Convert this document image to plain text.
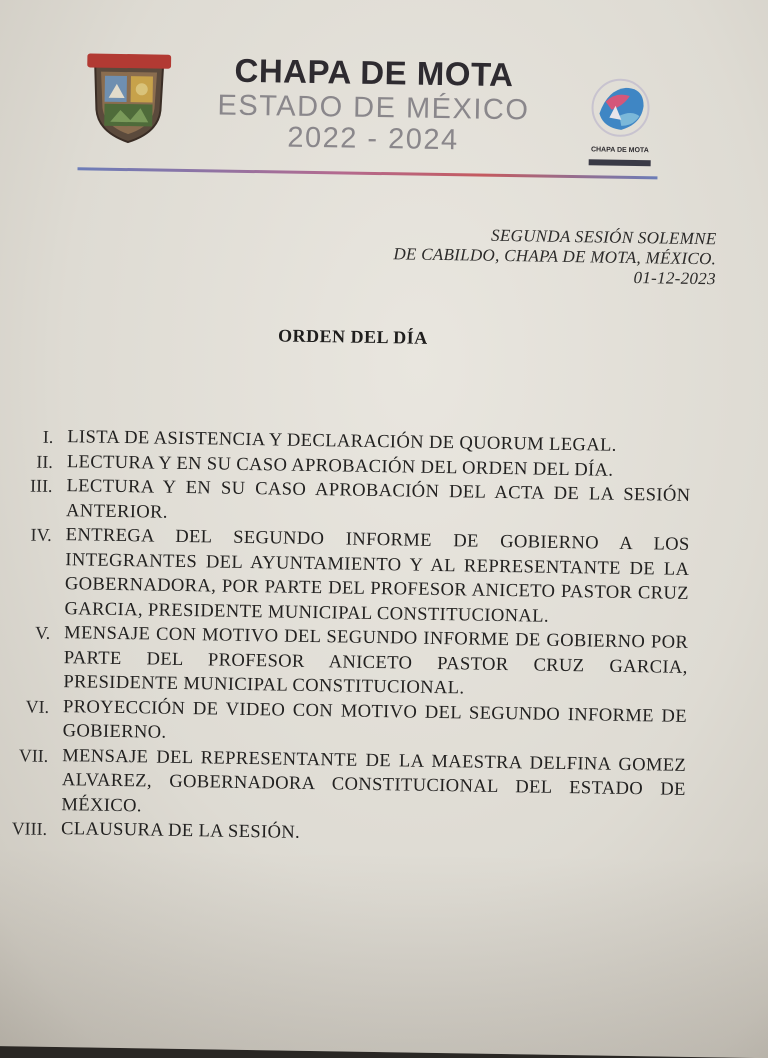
CHAPA DE MOTA
ESTADO DE MÉXICO
2022 - 2024	CHAPA DE MOTA
SEGUNDA SESIÓN SOLEMNE
DE CABILDO, CHAPA DE MOTA, MÉXICO.
01-12-2023
ORDEN DEL DÍA
I. LISTA DE ASISTENCIA Y DECLARACIÓN DE QUORUM LEGAL.
II. LECTURA Y EN SU CASO APROBACIÓN DEL ORDEN DEL DÍA.
III. LECTURA Y EN SU CASO APROBACIÓN DEL ACTA DE LA SESIÓN ANTERIOR.
IV. ENTREGA DEL SEGUNDO INFORME DE GOBIERNO A LOS INTEGRANTES DEL AYUNTAMIENTO Y AL REPRESENTANTE DE LA GOBERNADORA, POR PARTE DEL PROFESOR ANICETO PASTOR CRUZ GARCIA, PRESIDENTE MUNICIPAL CONSTITUCIONAL.
V. MENSAJE CON MOTIVO DEL SEGUNDO INFORME DE GOBIERNO POR PARTE DEL PROFESOR ANICETO PASTOR CRUZ GARCIA, PRESIDENTE MUNICIPAL CONSTITUCIONAL.
VI. PROYECCIÓN DE VIDEO CON MOTIVO DEL SEGUNDO INFORME DE GOBIERNO.
VII. MENSAJE DEL REPRESENTANTE DE LA MAESTRA DELFINA GOMEZ ALVAREZ, GOBERNADORA CONSTITUCIONAL DEL ESTADO DE MÉXICO.
VIII. CLAUSURA DE LA SESIÓN.
